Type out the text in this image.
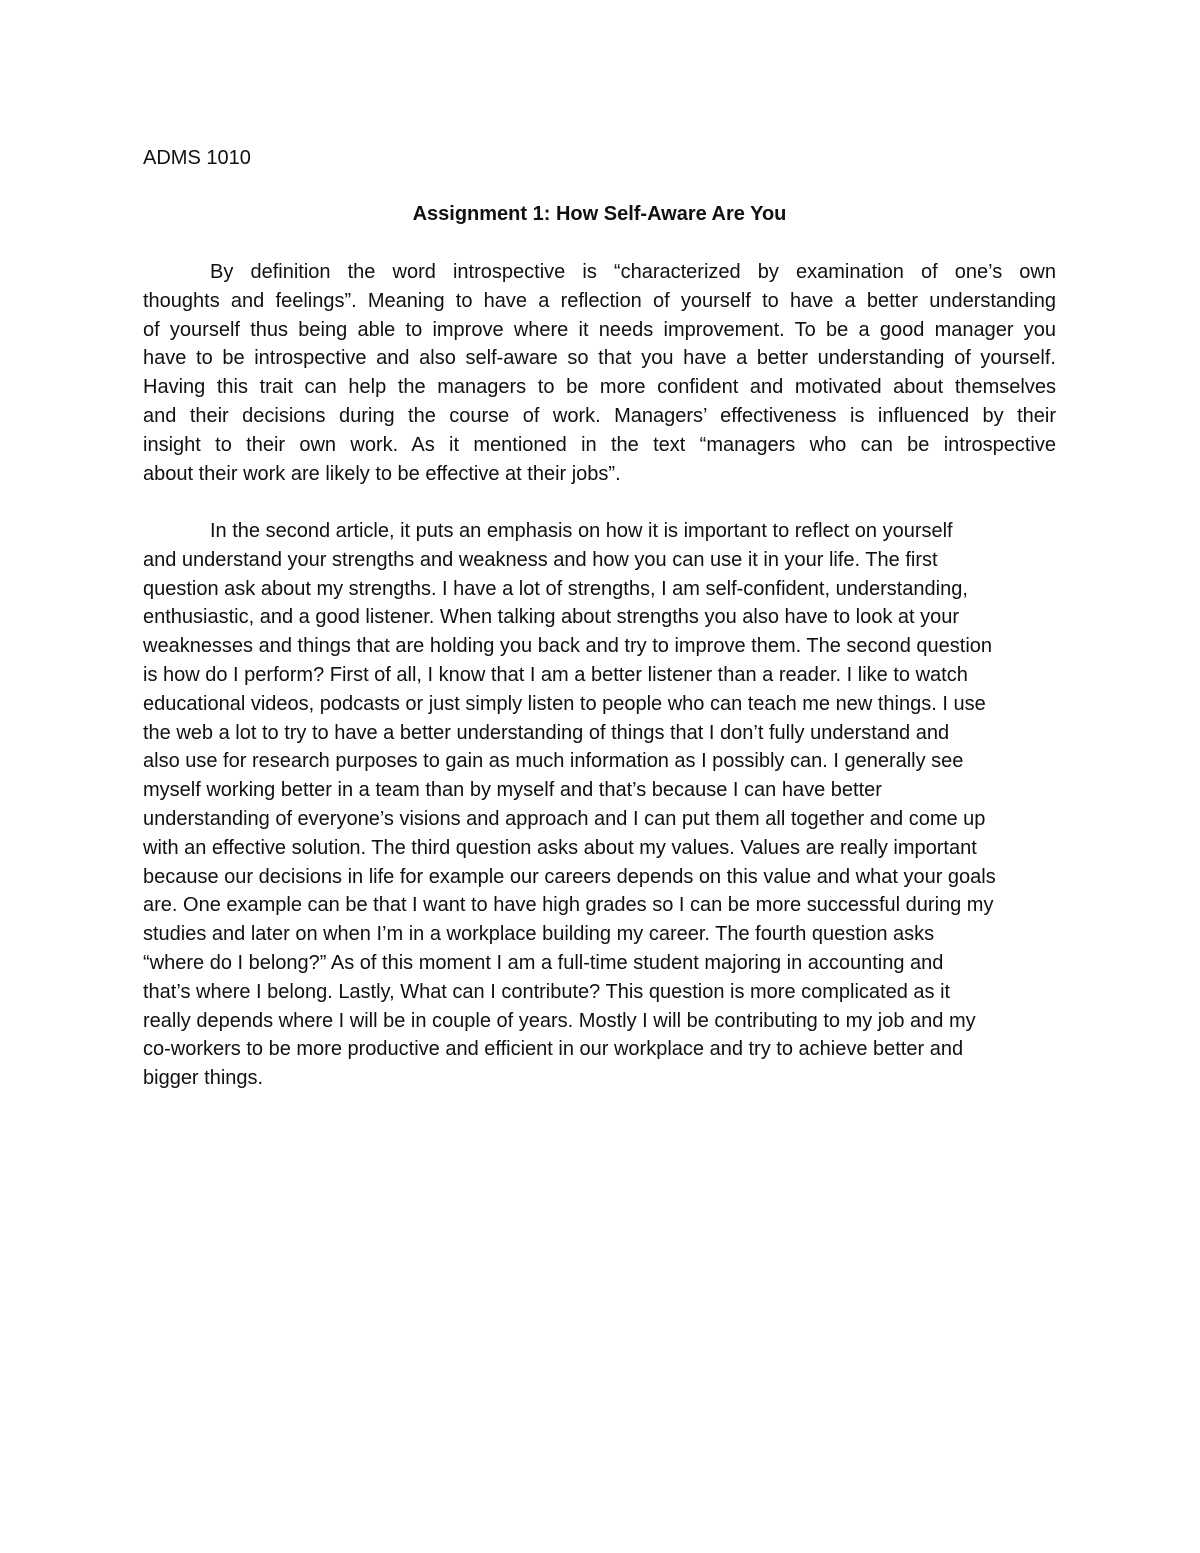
ADMS 1010

Assignment 1: How Self-Aware Are You
By definition the word introspective is “characterized by examination of one’s own
thoughts and feelings”. Meaning to have a reflection of yourself to have a better understanding
of yourself thus being able to improve where it needs improvement. To be a good manager you
have to be introspective and also self-aware so that you have a better understanding of yourself.
Having this trait can help the managers to be more confident and motivated about themselves
and their decisions during the course of work. Managers’ effectiveness is influenced by their
insight to their own work. As it mentioned in the text “managers who can be introspective
about their work are likely to be effective at their jobs”.
In the second article, it puts an emphasis on how it is important to reflect on yourself
and understand your strengths and weakness and how you can use it in your life. The first
question ask about my strengths. I have a lot of strengths, I am self-confident, understanding,
enthusiastic, and a good listener. When talking about strengths you also have to look at your
weaknesses and things that are holding you back and try to improve them. The second question
is how do I perform? First of all, I know that I am a better listener than a reader. I like to watch
educational videos, podcasts or just simply listen to people who can teach me new things. I use
the web a lot to try to have a better understanding of things that I don’t fully understand and
also use for research purposes to gain as much information as I possibly can. I generally see
myself working better in a team than by myself and that’s because I can have better
understanding of everyone’s visions and approach and I can put them all together and come up
with an effective solution. The third question asks about my values. Values are really important
because our decisions in life for example our careers depends on this value and what your goals
are. One example can be that I want to have high grades so I can be more successful during my
studies and later on when I’m in a workplace building my career. The fourth question asks
“where do I belong?” As of this moment I am a full-time student majoring in accounting and
that’s where I belong. Lastly, What can I contribute? This question is more complicated as it
really depends where I will be in couple of years. Mostly I will be contributing to my job and my
co-workers to be more productive and efficient in our workplace and try to achieve better and
bigger things.
